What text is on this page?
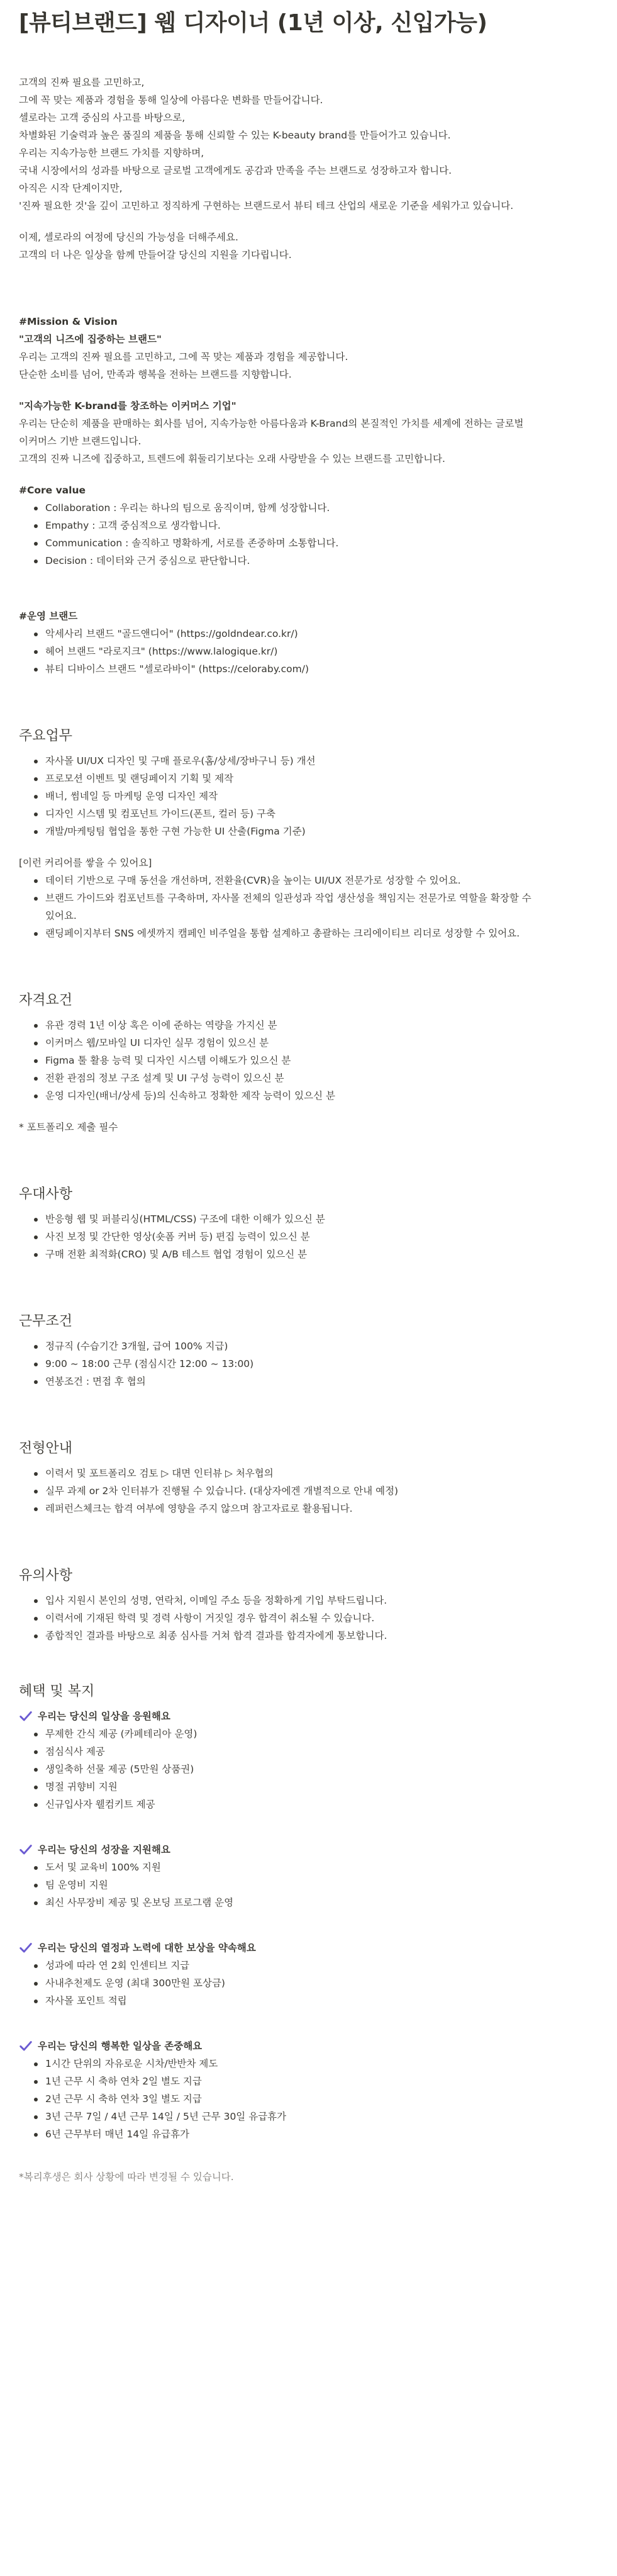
[뷰티브랜드] 웹 디자이너 (1년 이상, 신입가능)

고객의 진짜 필요를 고민하고,

그에 꼭 맞는 제품과 경험을 통해 일상에 아름다운 변화를 만들어갑니다.

셀로라는 고객 중심의 사고를 바탕으로,

차별화된 기술력과 높은 품질의 제품을 통해 신뢰할 수 있는 K-beauty brand를 만들어가고 있습니다.

우리는 지속가능한 브랜드 가치를 지향하며,

국내 시장에서의 성과를 바탕으로 글로벌 고객에게도 공감과 만족을 주는 브랜드로 성장하고자 합니다.

아직은 시작 단계이지만,

'진짜 필요한 것'을 깊이 고민하고 정직하게 구현하는 브랜드로서 뷰티 테크 산업의 새로운 기준을 세워가고 있습니다.

이제, 셀로라의 여정에 당신의 가능성을 더해주세요.

고객의 더 나은 일상을 함께 만들어갈 당신의 지원을 기다립니다.

#Mission & Vision

"고객의 니즈에 집중하는 브랜드"

우리는 고객의 진짜 필요를 고민하고, 그에 꼭 맞는 제품과 경험을 제공합니다.

단순한 소비를 넘어, 만족과 행복을 전하는 브랜드를 지향합니다.

"지속가능한 K-brand를 창조하는 이커머스 기업"

우리는 단순히 제품을 판매하는 회사를 넘어, 지속가능한 아름다움과 K-Brand의 본질적인 가치를 세계에 전하는 글로벌

이커머스 기반 브랜드입니다.

고객의 진짜 니즈에 집중하고, 트렌드에 휘둘리기보다는 오래 사랑받을 수 있는 브랜드를 고민합니다.

#Core value

Collaboration : 우리는 하나의 팀으로 움직이며, 함께 성장합니다.
Empathy : 고객 중심적으로 생각합니다.
Communication : 솔직하고 명확하게, 서로를 존중하며 소통합니다.
Decision : 데이터와 근거 중심으로 판단합니다.

#운영 브랜드

악세사리 브랜드 "골드앤디어" (https://goldndear.co.kr/)
헤어 브랜드 "라로지크" (https://www.lalogique.kr/)
뷰티 디바이스 브랜드 "셀로라바이" (https://celoraby.com/)
주요업무
자사몰 UI/UX 디자인 및 구매 플로우(홈/상세/장바구니 등) 개선
프로모션 이벤트 및 랜딩페이지 기획 및 제작
배너, 썸네일 등 마케팅 운영 디자인 제작
디자인 시스템 및 컴포넌트 가이드(폰트, 컬러 등) 구축
개발/마케팅팀 협업을 통한 구현 가능한 UI 산출(Figma 기준)

[이런 커리어를 쌓을 수 있어요]

데이터 기반으로 구매 동선을 개선하며, 전환율(CVR)을 높이는 UI/UX 전문가로 성장할 수 있어요.
브랜드 가이드와 컴포넌트를 구축하며, 자사몰 전체의 일관성과 작업 생산성을 책임지는 전문가로 역할을 확장할 수
있어요.
랜딩페이지부터 SNS 에셋까지 캠페인 비주얼을 통합 설계하고 총괄하는 크리에이티브 리더로 성장할 수 있어요.
자격요건
유관 경력 1년 이상 혹은 이에 준하는 역량을 가지신 분
이커머스 웹/모바일 UI 디자인 실무 경험이 있으신 분
Figma 툴 활용 능력 및 디자인 시스템 이해도가 있으신 분
전환 관점의 정보 구조 설계 및 UI 구성 능력이 있으신 분
운영 디자인(배너/상세 등)의 신속하고 정확한 제작 능력이 있으신 분

* 포트폴리오 제출 필수

우대사항
반응형 웹 및 퍼블리싱(HTML/CSS) 구조에 대한 이해가 있으신 분
사진 보정 및 간단한 영상(숏폼 커버 등) 편집 능력이 있으신 분
구매 전환 최적화(CRO) 및 A/B 테스트 협업 경험이 있으신 분
근무조건
정규직 (수습기간 3개월, 급여 100% 지급)
9:00 ~ 18:00 근무 (점심시간 12:00 ~ 13:00)
연봉조건 : 면접 후 협의
전형안내
이력서 및 포트폴리오 검토 ▷ 대면 인터뷰 ▷ 처우협의
실무 과제 or 2차 인터뷰가 진행될 수 있습니다. (대상자에겐 개별적으로 안내 예정)
레퍼런스체크는 합격 여부에 영향을 주지 않으며 참고자료로 활용됩니다.
유의사항
입사 지원시 본인의 성명, 연락처, 이메일 주소 등을 정확하게 기입 부탁드립니다.
이력서에 기재된 학력 및 경력 사항이 거짓일 경우 합격이 취소될 수 있습니다.
종합적인 결과를 바탕으로 최종 심사를 거쳐 합격 결과를 합격자에게 통보합니다.
혜택 및 복지
우리는 당신의 일상을 응원해요
무제한 간식 제공 (카페테리아 운영)
점심식사 제공
생일축하 선물 제공 (5만원 상품권)
명절 귀향비 지원
신규입사자 웰컴키트 제공
우리는 당신의 성장을 지원해요
도서 및 교육비 100% 지원
팀 운영비 지원
최신 사무장비 제공 및 온보딩 프로그램 운영
우리는 당신의 열정과 노력에 대한 보상을 약속해요
성과에 따라 연 2회 인센티브 지급
사내추천제도 운영 (최대 300만원 포상금)
자사몰 포인트 적립
우리는 당신의 행복한 일상을 존중해요
1시간 단위의 자유로운 시차/반반차 제도
1년 근무 시 축하 연차 2일 별도 지급
2년 근무 시 축하 연차 3일 별도 지급
3년 근무 7일 / 4년 근무 14일 / 5년 근무 30일 유급휴가
6년 근무부터 매년 14일 유급휴가

*복리후생은 회사 상황에 따라 변경될 수 있습니다.
